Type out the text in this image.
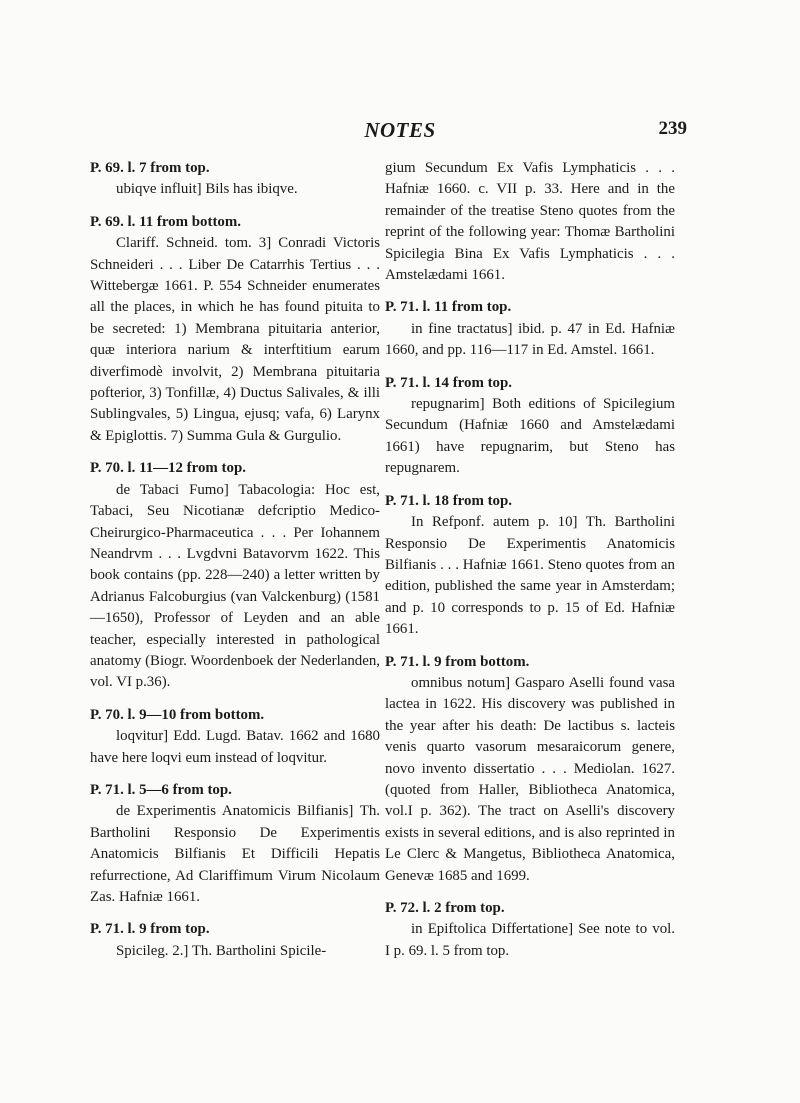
NOTES	239
P. 69. l. 7 from top.
ubiqve influit] Bils has ibiqve.
P. 69. l. 11 from bottom.
Clariff. Schneid. tom. 3] Conradi Victoris Schneideri . . . Liber De Catarrhis Tertius . . . Wittebergæ 1661. P. 554 Schneider enumerates all the places, in which he has found pituita to be secreted: 1) Membrana pituitaria anterior, quæ interiora narium & interftitium earum diverfimodè involvit, 2) Membrana pituitaria pofterior, 3) Tonfillæ, 4) Ductus Salivales, & illi Sublingvales, 5) Lingua, ejusq; vafa, 6) Larynx & Epiglottis. 7) Summa Gula & Gurgulio.
P. 70. l. 11—12 from top.
de Tabaci Fumo] Tabacologia: Hoc est, Tabaci, Seu Nicotianæ defcriptio Medico-Cheirurgico-Pharmaceutica . . . Per Iohannem Neandrvm . . . Lvgdvni Batavorvm 1622. This book contains (pp. 228—240) a letter written by Adrianus Falcoburgius (van Valckenburg) (1581—1650), Professor of Leyden and an able teacher, especially interested in pathological anatomy (Biogr. Woordenboek der Nederlanden, vol. VI p.36).
P. 70. l. 9—10 from bottom.
loqvitur] Edd. Lugd. Batav. 1662 and 1680 have here loqvi eum instead of loqvitur.
P. 71. l. 5—6 from top.
de Experimentis Anatomicis Bilfianis] Th. Bartholini Responsio De Experimentis Anatomicis Bilfianis Et Difficili Hepatis refurrectione, Ad Clariffimum Virum Nicolaum Zas. Hafniæ 1661.
P. 71. l. 9 from top.
Spicileg. 2.] Th. Bartholini Spicile-
gium Secundum Ex Vafis Lymphaticis . . . Hafniæ 1660. c. VII p. 33. Here and in the remainder of the treatise Steno quotes from the reprint of the following year: Thomæ Bartholini Spicilegia Bina Ex Vafis Lymphaticis . . . Amstelædami 1661.
P. 71. l. 11 from top.
in fine tractatus] ibid. p. 47 in Ed. Hafniæ 1660, and pp. 116—117 in Ed. Amstel. 1661.
P. 71. l. 14 from top.
repugnarim] Both editions of Spicilegium Secundum (Hafniæ 1660 and Amstelædami 1661) have repugnarim, but Steno has repugnarem.
P. 71. l. 18 from top.
In Refponf. autem p. 10] Th. Bartholini Responsio De Experimentis Anatomicis Bilfianis . . . Hafniæ 1661. Steno quotes from an edition, published the same year in Amsterdam; and p. 10 corresponds to p. 15 of Ed. Hafniæ 1661.
P. 71. l. 9 from bottom.
omnibus notum] Gasparo Aselli found vasa lactea in 1622. His discovery was published in the year after his death: De lactibus s. lacteis venis quarto vasorum mesaraicorum genere, novo invento dissertatio . . . Mediolan. 1627. (quoted from Haller, Bibliotheca Anatomica, vol.I p. 362). The tract on Aselli's discovery exists in several editions, and is also reprinted in Le Clerc & Mangetus, Bibliotheca Anatomica, Genevæ 1685 and 1699.
P. 72. l. 2 from top.
in Epiftolica Differtatione] See note to vol. I p. 69. l. 5 from top.
